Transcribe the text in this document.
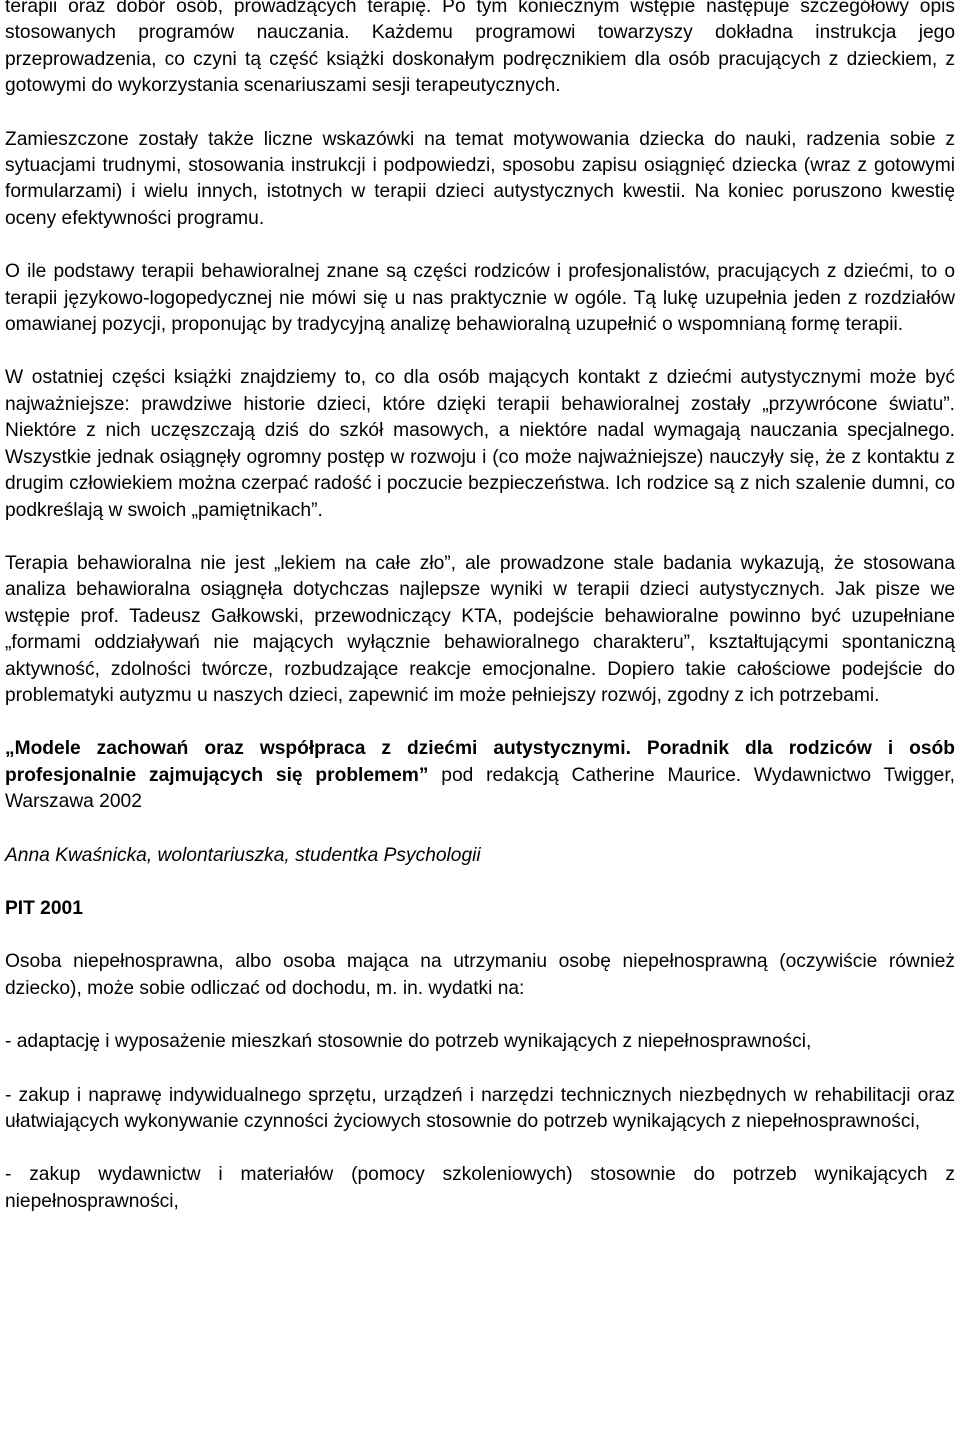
terapii oraz dobór osób, prowadzących terapię. Po tym koniecznym wstępie następuje szczegółowy opis stosowanych programów nauczania. Każdemu programowi towarzyszy dokładna instrukcja jego przeprowadzenia, co czyni tą część książki doskonałym podręcznikiem dla osób pracujących z dzieckiem, z gotowymi do wykorzystania scenariuszami sesji terapeutycznych.

Zamieszczone zostały także liczne wskazówki na temat motywowania dziecka do nauki, radzenia sobie z sytuacjami trudnymi, stosowania instrukcji i podpowiedzi, sposobu zapisu osiągnięć dziecka (wraz z gotowymi formularzami) i wielu innych, istotnych w terapii dzieci autystycznych kwestii. Na koniec poruszono kwestię oceny efektywności programu.

O ile podstawy terapii behawioralnej znane są części rodziców i profesjonalistów, pracujących z dziećmi, to o terapii językowo-logopedycznej nie mówi się u nas praktycznie w ogóle. Tą lukę uzupełnia jeden z rozdziałów omawianej pozycji, proponując by tradycyjną analizę behawioralną uzupełnić o wspomnianą formę terapii.

W ostatniej części książki znajdziemy to, co dla osób mających kontakt z dziećmi autystycznymi może być najważniejsze: prawdziwe historie dzieci, które dzięki terapii behawioralnej zostały „przywrócone światu”. Niektóre z nich uczęszczają dziś do szkół masowych, a niektóre nadal wymagają nauczania specjalnego. Wszystkie jednak osiągnęły ogromny postęp w rozwoju i (co może najważniejsze) nauczyły się, że z kontaktu z drugim człowiekiem można czerpać radość i poczucie bezpieczeństwa. Ich rodzice są z nich szalenie dumni, co podkreślają w swoich „pamiętnikach”.

Terapia behawioralna nie jest „lekiem na całe zło”, ale prowadzone stale badania wykazują, że stosowana analiza behawioralna osiągnęła dotychczas najlepsze wyniki w terapii dzieci autystycznych. Jak pisze we wstępie prof. Tadeusz Gałkowski, przewodniczący KTA, podejście behawioralne powinno być uzupełniane „formami oddziaływań nie mających wyłącznie behawioralnego charakteru”, kształtującymi spontaniczną aktywność, zdolności twórcze, rozbudzające reakcje emocjonalne. Dopiero takie całościowe podejście do problematyki autyzmu u naszych dzieci, zapewnić im może pełniejszy rozwój, zgodny z ich potrzebami.

„Modele zachowań oraz współpraca z dziećmi autystycznymi. Poradnik dla rodziców i osób profesjonalnie zajmujących się problemem” pod redakcją Catherine Maurice. Wydawnictwo Twigger, Warszawa 2002

Anna Kwaśnicka, wolontariuszka, studentka Psychologii

PIT 2001

Osoba niepełnosprawna, albo osoba mająca na utrzymaniu osobę niepełnosprawną (oczywiście również dziecko), może sobie odliczać od dochodu, m. in. wydatki na:

- adaptację i wyposażenie mieszkań stosownie do potrzeb wynikających z niepełnosprawności,

- zakup i naprawę indywidualnego sprzętu, urządzeń i narzędzi technicznych niezbędnych w rehabilitacji oraz ułatwiających wykonywanie czynności życiowych stosownie do potrzeb wynikających z niepełnosprawności,

- zakup wydawnictw i materiałów (pomocy szkoleniowych) stosownie do potrzeb wynikających z niepełnosprawności,
